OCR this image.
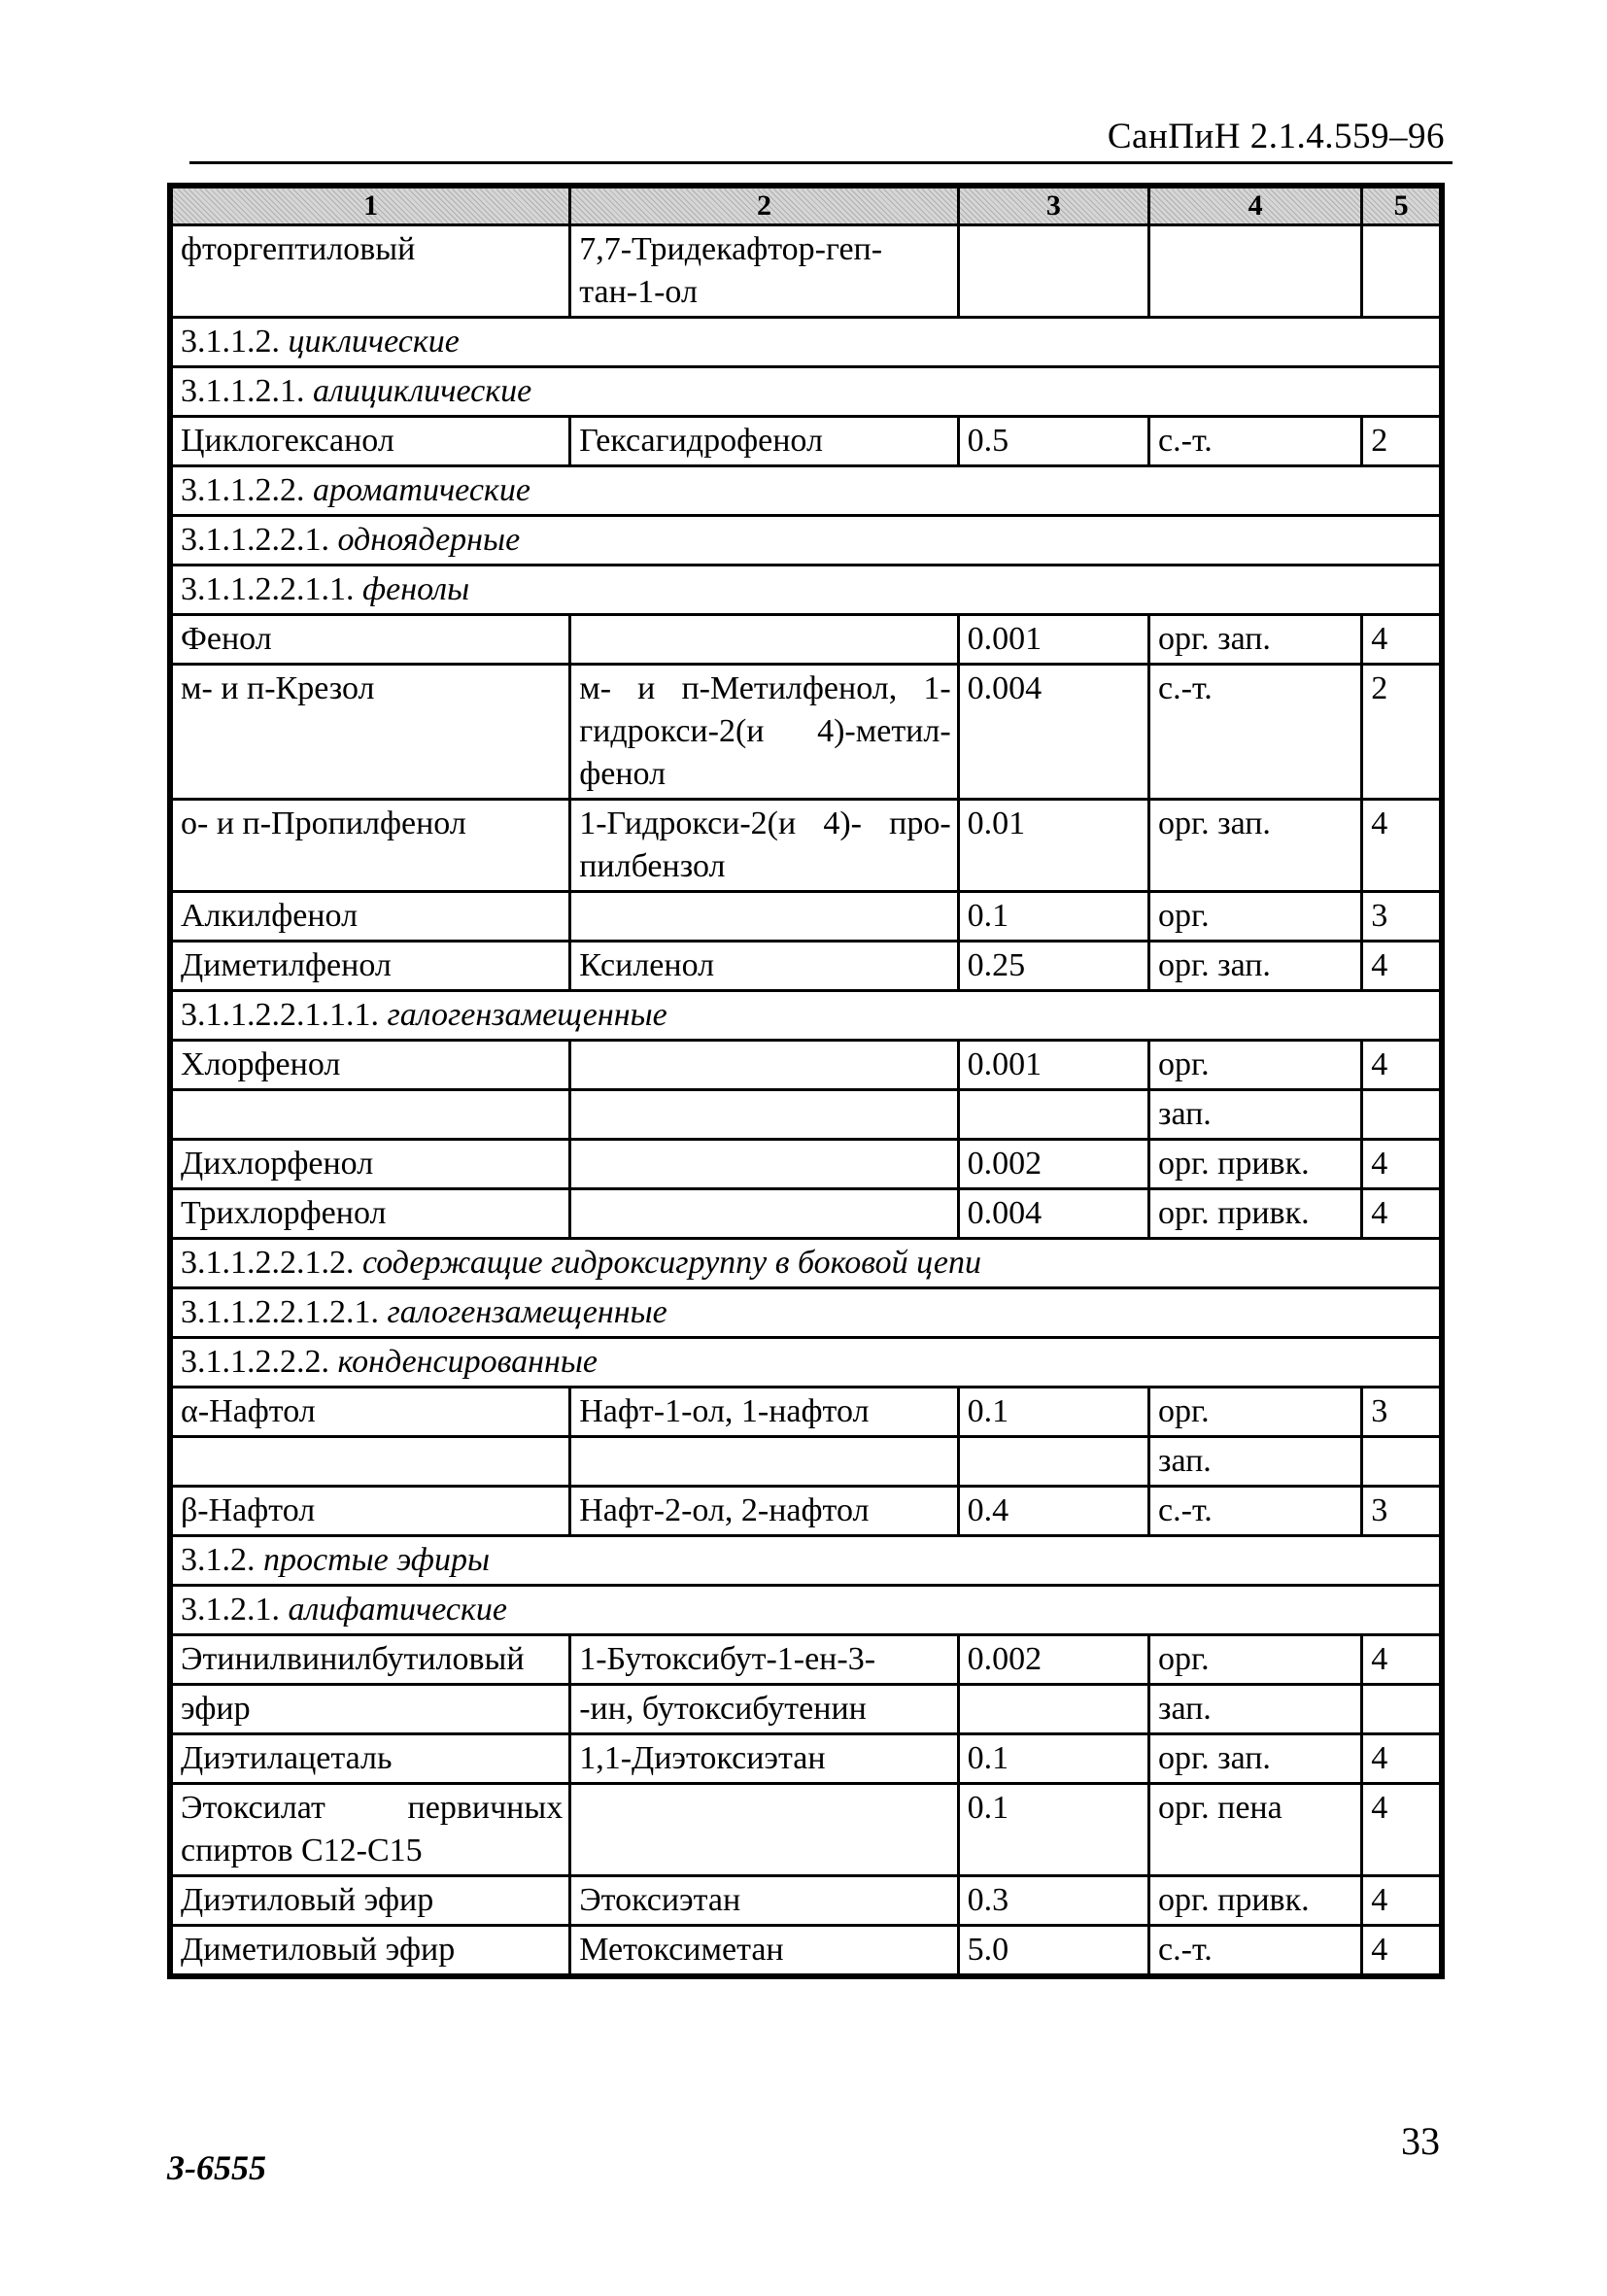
СанПиН 2.1.4.559–96
1	2	3	4	5
фторгептиловый	7,7-Тридекафтор-геп- тан-1-ол			
3.1.1.2. циклические				
3.1.1.2.1. алициклические				
Циклогексанол	Гексагидрофенол	0.5	с.-т.	2
3.1.1.2.2. ароматические				
3.1.1.2.2.1. одноядерные				
3.1.1.2.2.1.1. фенолы				
Фенол		0.001	орг. зап.	4
м- и п-Крезол	м- и п-Метилфенол, 1-гидрокси-2(и 4)-метил-фенол	0.004	с.-т.	2
о- и п-Пропилфенол	1-Гидрокси-2(и 4)- про-пилбензол	0.01	орг. зап.	4
Алкилфенол		0.1	орг.	3
Диметилфенол	Ксиленол	0.25	орг. зап.	4
3.1.1.2.2.1.1.1. галогензамещенные				
Хлорфенол		0.001	орг.	4
			зап.	
Дихлорфенол		0.002	орг. привк.	4
Трихлорфенол		0.004	орг. привк.	4
3.1.1.2.2.1.2. содержащие гидроксигруппу в боковой цепи				
3.1.1.2.2.1.2.1. галогензамещенные				
3.1.1.2.2.2. конденсированные				
α-Нафтол	Нафт-1-ол, 1-нафтол	0.1	орг.	3
			зап.	
β-Нафтол	Нафт-2-ол, 2-нафтол	0.4	с.-т.	3
3.1.2. простые эфиры				
3.1.2.1. алифатические				
Этинилвинилбутиловый	1-Бутоксибут-1-ен-3-	0.002	орг.	4
эфир	-ин, бутоксибутенин		зап.	
Диэтилацеталь	1,1-Диэтоксиэтан	0.1	орг. зап.	4
Этоксилат первичных спиртов C12-C15		0.1	орг. пена	4
Диэтиловый эфир	Этоксиэтан	0.3	орг. привк.	4
Диметиловый эфир	Метоксиметан	5.0	с.-т.	4
3-6555
33
